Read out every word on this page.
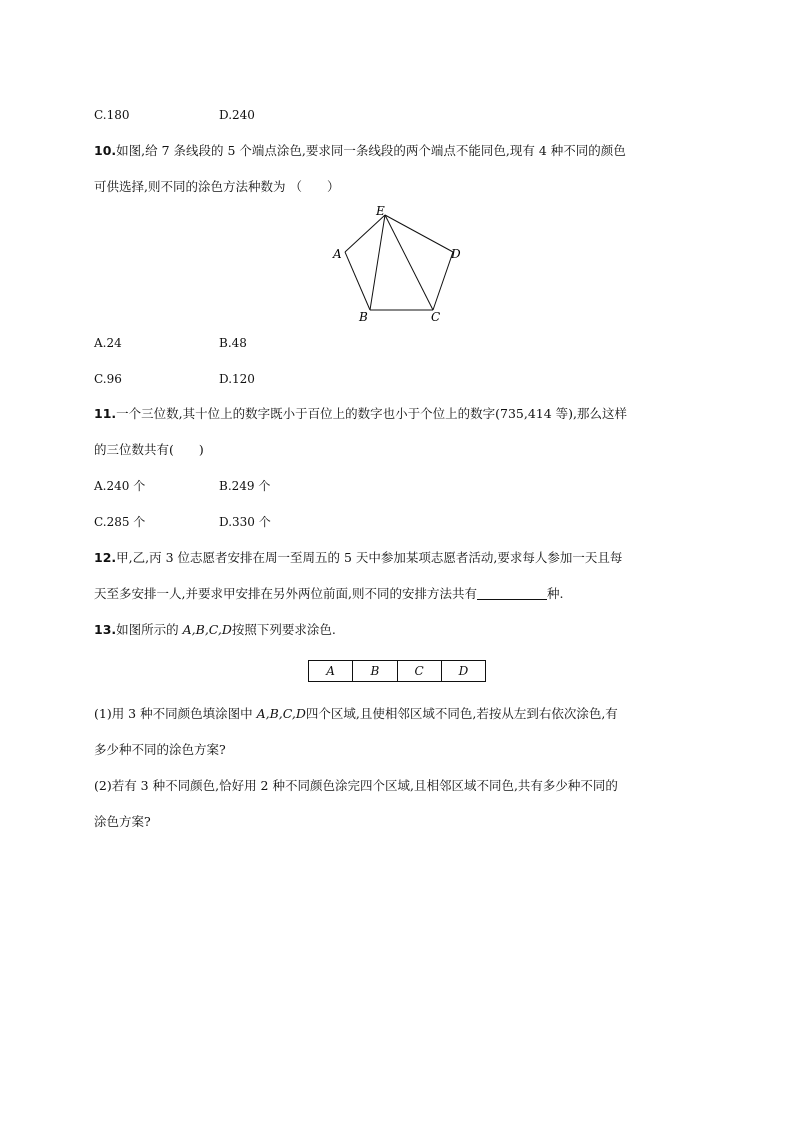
C.180	D.240
10.如图,给 7 条线段的 5 个端点涂色,要求同一条线段的两个端点不能同色,现有 4 种不同的颜色
可供选择,则不同的涂色方法种数为 （　　）
E
A	D
B	C
A.24	B.48
C.96	D.120
11.一个三位数,其十位上的数字既小于百位上的数字也小于个位上的数字(735,414 等),那么这样
的三位数共有(　　)
A.240 个	B.249 个
C.285 个	D.330 个
12.甲,乙,丙 3 位志愿者安排在周一至周五的 5 天中参加某项志愿者活动,要求每人参加一天且每
天至多安排一人,并要求甲安排在另外两位前面,则不同的安排方法共有	种.
13.如图所示的 A,B,C,D按照下列要求涂色.
A	B	C	D
(1)用 3 种不同颜色填涂图中 A,B,C,D四个区域,且使相邻区域不同色,若按从左到右依次涂色,有
多少种不同的涂色方案?
(2)若有 3 种不同颜色,恰好用 2 种不同颜色涂完四个区域,且相邻区域不同色,共有多少种不同的
涂色方案?
